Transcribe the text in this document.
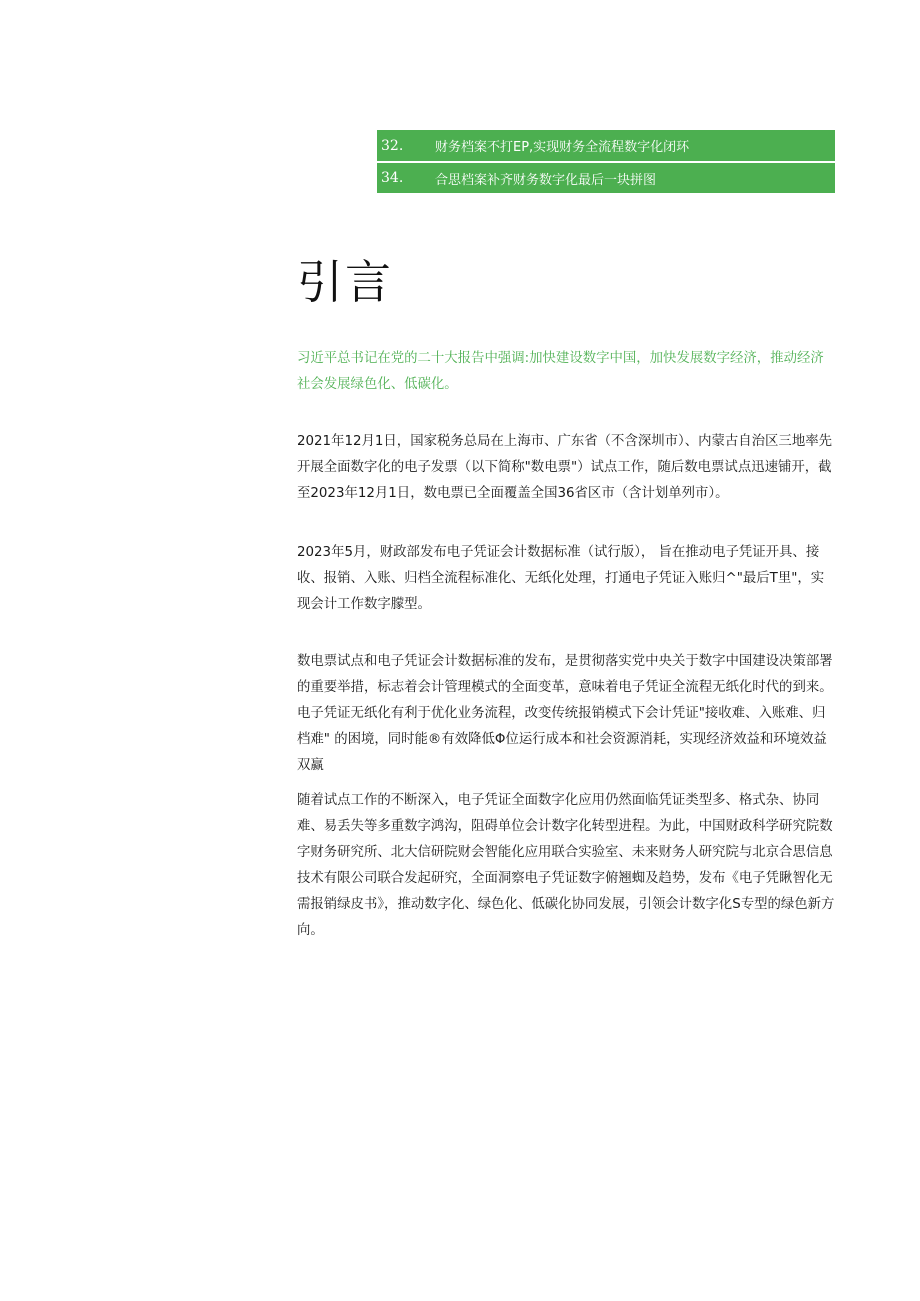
32.	财务档案不打EP,实现财务全流程数字化闭环
34.	合思档案补齐财务数字化最后一块拼图
引言

习近平总书记在党的二十大报告中强调:加快建设数字中国，加快发展数字经济，推动经济社会发展绿色化、低碳化。

2021年12月1日，国家税务总局在上海市、广东省（不含深圳市）、内蒙古自治区三地率先开展全面数字化的电子发票（以下简称"数电票"）试点工作，随后数电票试点迅速铺开，截至2023年12月1日，数电票已全面覆盖全国36省区市（含计划单列市）。

2023年5月，财政部发布电子凭证会计数据标准（试行版）， 旨在推动电子凭证开具、接收、报销、入账、归档全流程标准化、无纸化处理，打通电子凭证入账归^"最后T里"，实现会计工作数字朦型。

数电票试点和电子凭证会计数据标准的发布，是贯彻落实党中央关于数字中国建设决策部署的重要举措，标志着会计管理模式的全面变革，意味着电子凭证全流程无纸化时代的到来。电子凭证无纸化有利于优化业务流程，改变传统报销模式下会计凭证"接收难、入账难、归档难" 的困境，同时能®有效降低Φ位运行成本和社会资源消耗，实现经济效益和环境效益双赢

随着试点工作的不断深入，电子凭证全面数字化应用仍然面临凭证类型多、格式杂、协同难、易丢失等多重数字鸿沟，阻碍单位会计数字化转型进程。为此，中国财政科学研究院数字财务研究所、北大信研院财会智能化应用联合实验室、未来财务人研究院与北京合思信息技术有限公司联合发起研究，全面洞察电子凭证数字俯翘蜘及趋势，发布《电子凭瞅智化无需报销绿皮书》，推动数字化、绿色化、低碳化协同发展，引领会计数字化S专型的绿色新方向。
